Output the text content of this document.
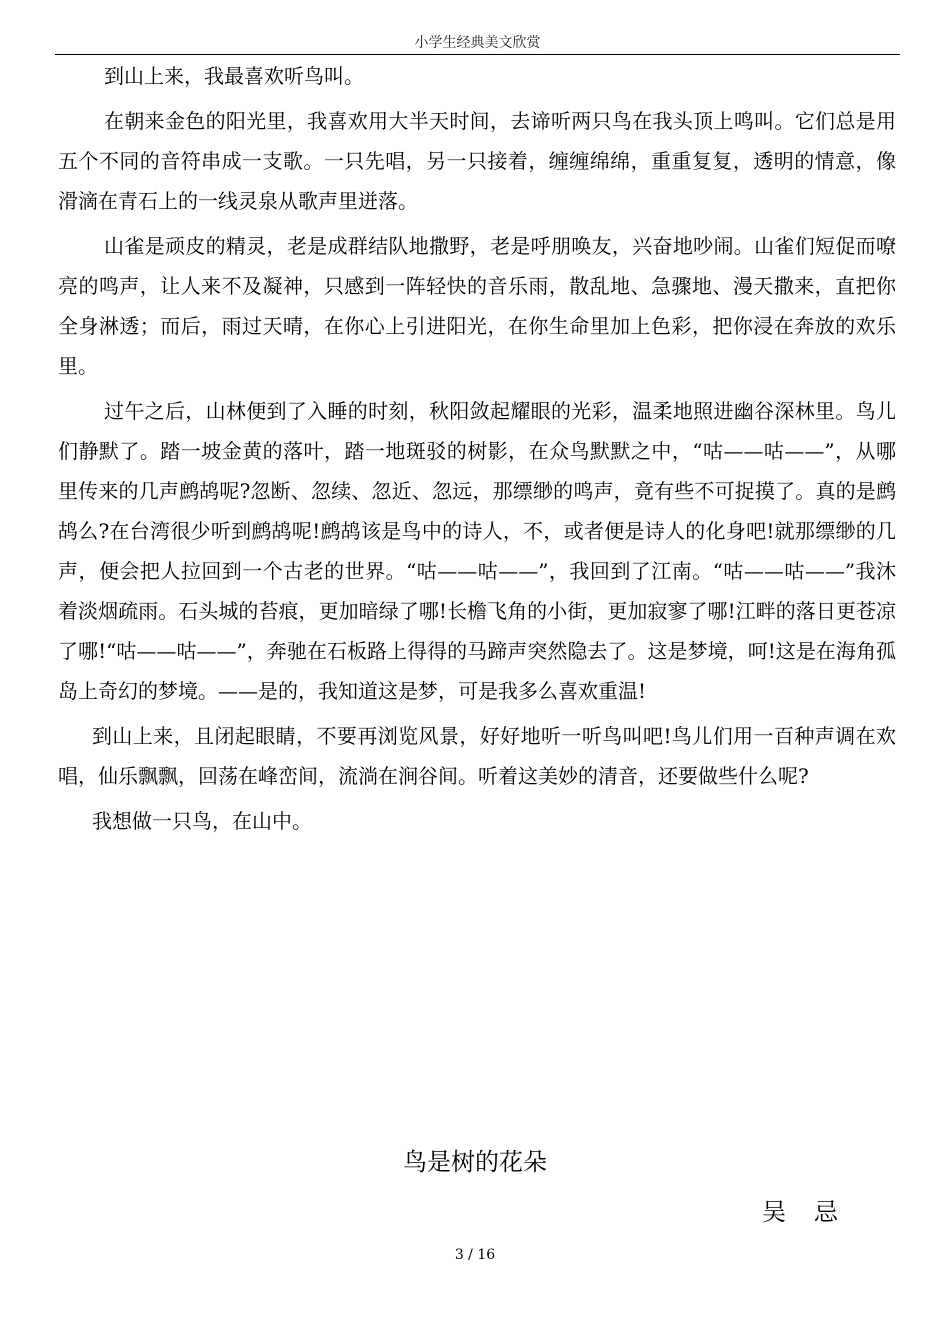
小学生经典美文欣赏

到山上来，我最喜欢听鸟叫。

在朝来金色的阳光里，我喜欢用大半天时间，去谛听两只鸟在我头顶上鸣叫。它们总是用五个不同的音符串成一支歌。一只先唱，另一只接着，缠缠绵绵，重重复复，透明的情意，像滑滴在青石上的一线灵泉从歌声里迸落。

山雀是顽皮的精灵，老是成群结队地撒野，老是呼朋唤友，兴奋地吵闹。山雀们短促而嘹亮的鸣声，让人来不及凝神，只感到一阵轻快的音乐雨，散乱地、急骤地、漫天撒来，直把你全身淋透；而后，雨过天晴，在你心上引进阳光，在你生命里加上色彩，把你浸在奔放的欢乐里。

过午之后，山林便到了入睡的时刻，秋阳敛起耀眼的光彩，温柔地照进幽谷深林里。鸟儿们静默了。踏一坡金黄的落叶，踏一地斑驳的树影，在众鸟默默之中，“咕——咕——”，从哪里传来的几声鹧鸪呢?忽断、忽续、忽近、忽远，那缥缈的鸣声，竟有些不可捉摸了。真的是鹧鸪么?在台湾很少听到鹧鸪呢!鹧鸪该是鸟中的诗人，不，或者便是诗人的化身吧!就那缥缈的几声，便会把人拉回到一个古老的世界。“咕——咕——”，我回到了江南。“咕——咕——”我沐着淡烟疏雨。石头城的苔痕，更加暗绿了哪!长檐飞角的小街，更加寂寥了哪!江畔的落日更苍凉了哪!“咕——咕——”，奔驰在石板路上得得的马蹄声突然隐去了。这是梦境，呵!这是在海角孤岛上奇幻的梦境。——是的，我知道这是梦，可是我多么喜欢重温!

到山上来，且闭起眼睛，不要再浏览风景，好好地听一听鸟叫吧!鸟儿们用一百种声调在欢唱，仙乐飘飘，回荡在峰峦间，流淌在涧谷间。听着这美妙的清音，还要做些什么呢?

我想做一只鸟，在山中。

鸟是树的花朵
吴忌
3 / 16
